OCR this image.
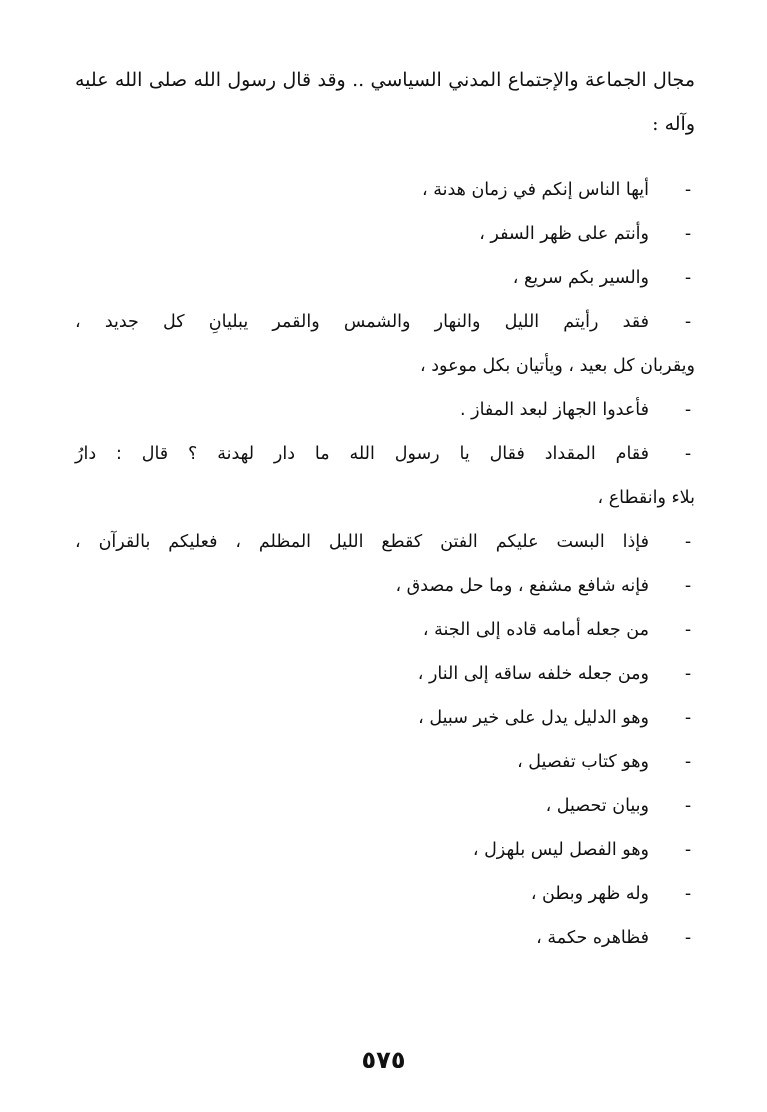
مجال الجماعة والإجتماع المدني السياسي .. وقد قال رسول الله صلى الله عليه
وآله :
-
أيها الناس إنكم في زمان هدنة ،
-
وأنتم على ظهر السفر ،
-
والسير بكم سريع ،
-
فقد رأيتم الليل والنهار والشمس والقمر يبليانِ كل جديد ،
ويقربان كل بعيد ، ويأتيان بكل موعود ،
-
فأعدوا الجهاز لبعد المفاز .
-
فقام المقداد فقال يا رسول الله ما دار لهدنة ؟ قال : دارُ
بلاء وانقطاع ،
-
فإذا البست عليكم الفتن كقطع الليل المظلم ، فعليكم بالقرآن ،
-
فإنه شافع مشفع ، وما حل مصدق ،
-
من جعله أمامه قاده إلى الجنة ،
-
ومن جعله خلفه ساقه إلى النار ،
-
وهو الدليل يدل على خير سبيل ،
-
وهو كتاب تفصيل ،
-
وبيان تحصيل ،
-
وهو الفصل ليس بلهزل ،
-
وله ظهر وبطن ،
-
فظاهره حكمة ،
٥٧٥
